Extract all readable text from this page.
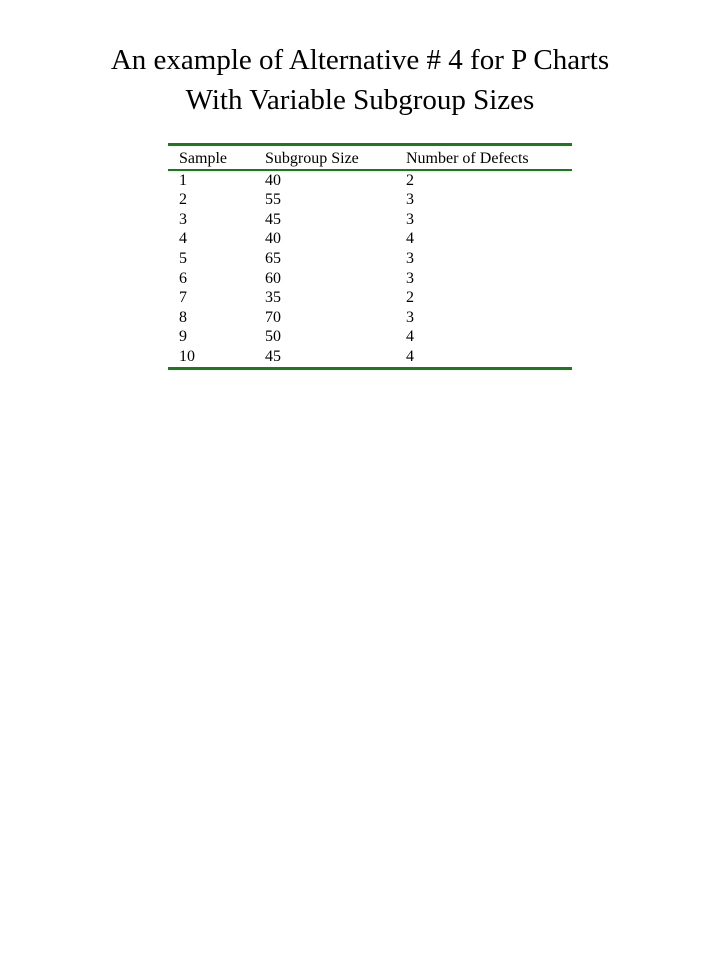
An example of Alternative # 4 for P Charts
With Variable Subgroup Sizes
Sample	Subgroup Size	Number of Defects
1	40	2
2	55	3
3	45	3
4	40	4
5	65	3
6	60	3
7	35	2
8	70	3
9	50	4
10	45	4
